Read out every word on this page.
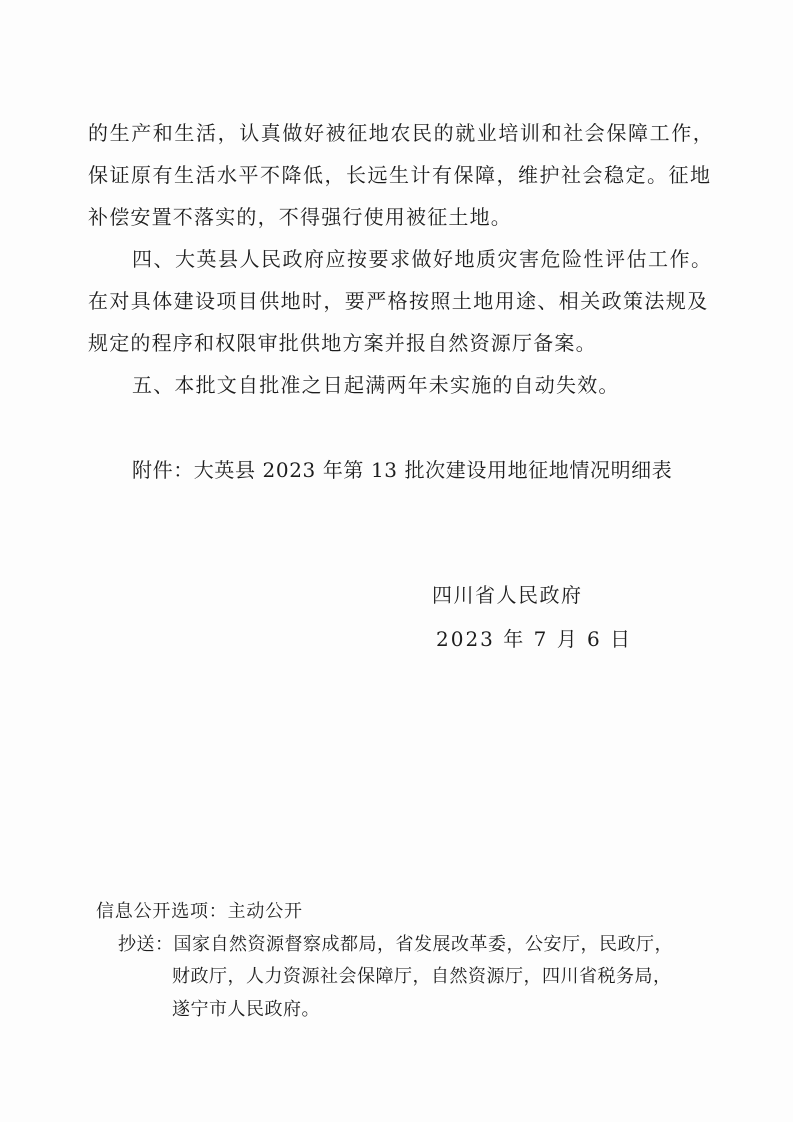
的生产和生活，认真做好被征地农民的就业培训和社会保障工作，
保证原有生活水平不降低，长远生计有保障，维护社会稳定。征地
补偿安置不落实的，不得强行使用被征土地。
四、大英县人民政府应按要求做好地质灾害危险性评估工作。
在对具体建设项目供地时，要严格按照土地用途、相关政策法规及
规定的程序和权限审批供地方案并报自然资源厅备案。
五、本批文自批准之日起满两年未实施的自动失效。
附件：大英县 2023 年第 13 批次建设用地征地情况明细表
四川省人民政府
2023 年 7 月 6 日
信息公开选项：主动公开
抄送：国家自然资源督察成都局，省发展改革委，公安厅，民政厅，
财政厅，人力资源社会保障厅，自然资源厅，四川省税务局，
遂宁市人民政府。
